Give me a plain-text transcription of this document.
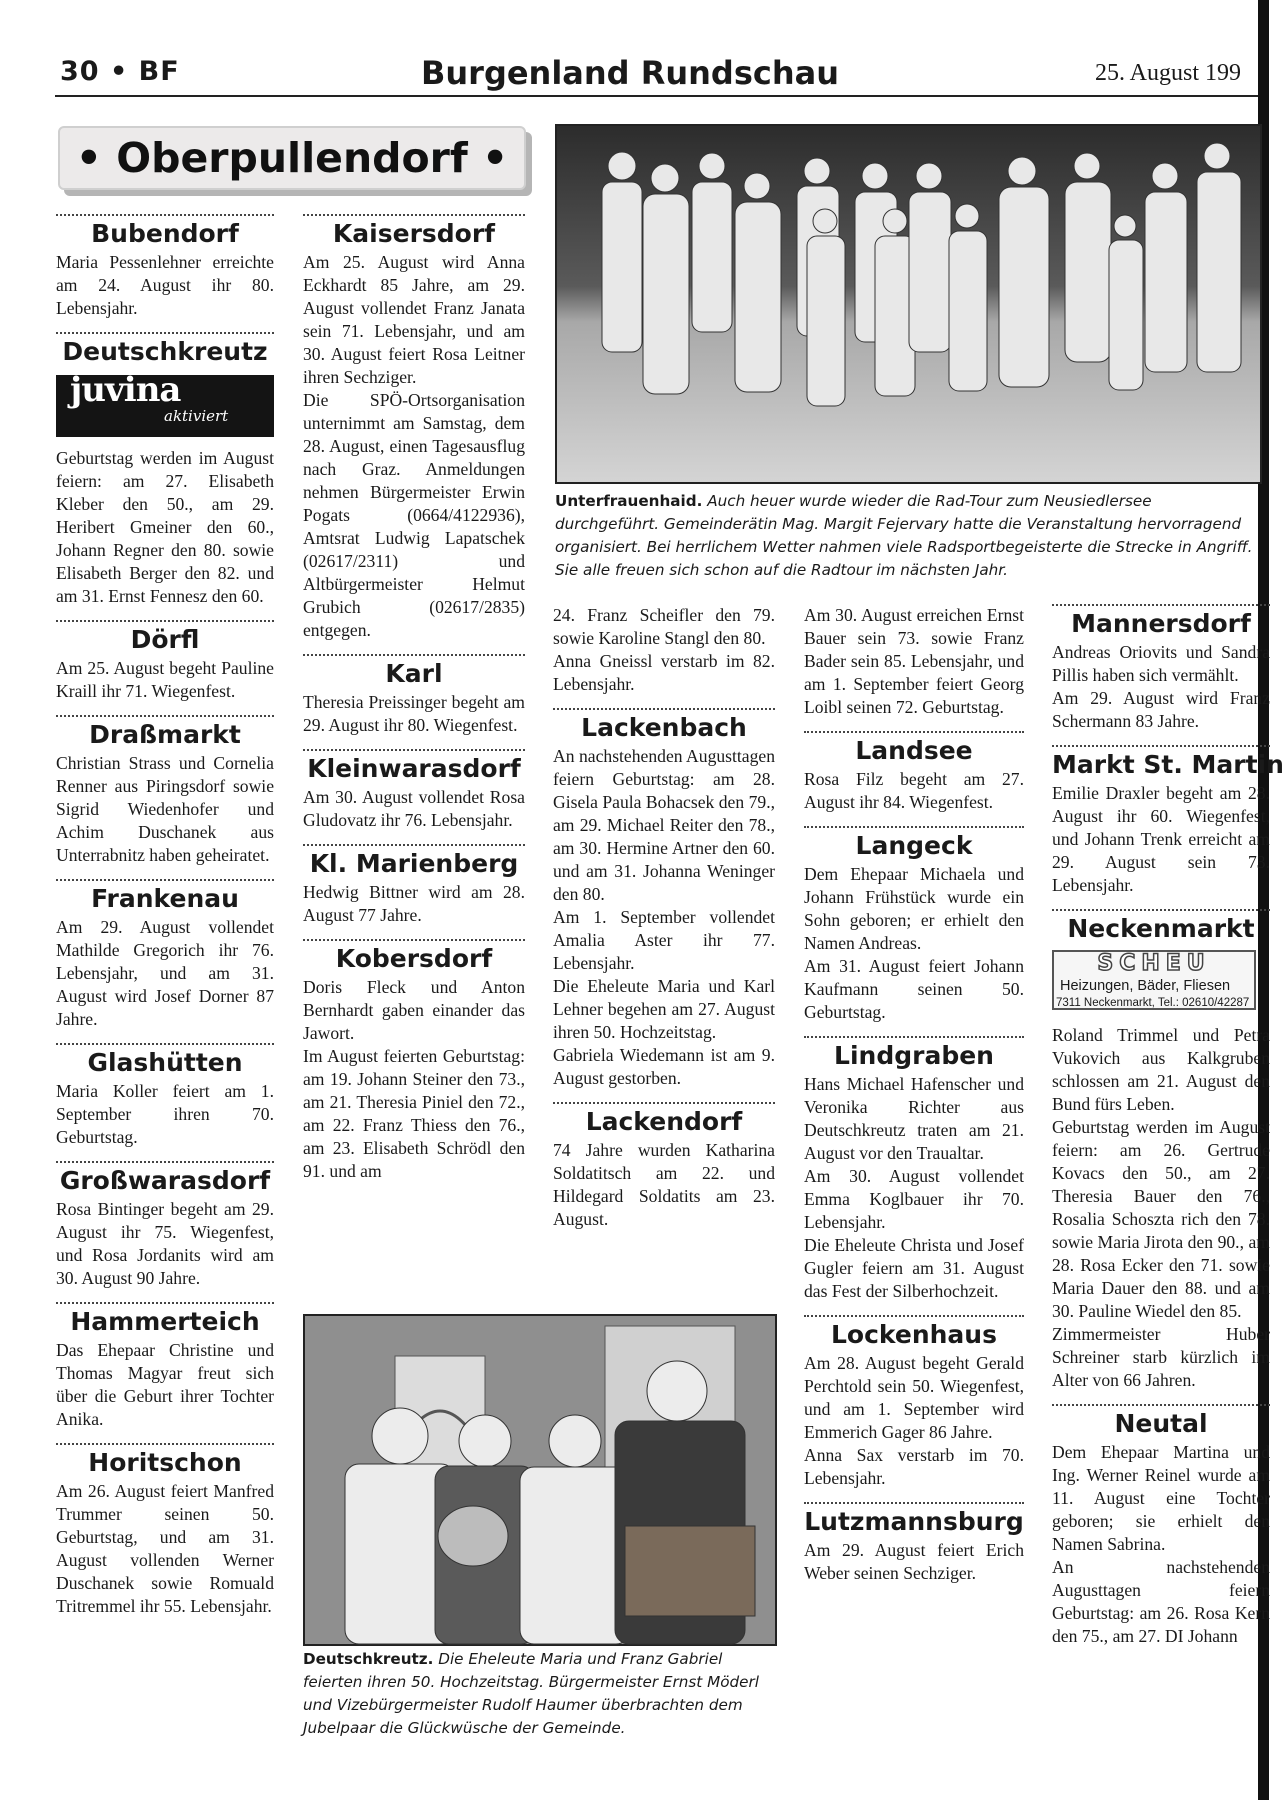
30 • BF	Burgenland Rundschau	25. August 199
• Oberpullendorf •
Bubendorf

Maria Pessenlehner erreichte am 24. August ihr 80. Lebensjahr.

Deutschkreutz
juvina
aktiviert

Geburtstag werden im August feiern: am 27. Elisabeth Kleber den 50., am 29. Heribert Gmeiner den 60., Johann Regner den 80. sowie Elisabeth Berger den 82. und am 31. Ernst Fennesz den 60.

Dörfl

Am 25. August begeht Pauline Kraill ihr 71. Wiegenfest.

Draßmarkt

Christian Strass und Cornelia Renner aus Piringsdorf sowie Sigrid Wiedenhofer und Achim Duschanek aus Unterrabnitz haben geheiratet.

Frankenau

Am 29. August vollendet Mathilde Gregorich ihr 76. Lebensjahr, und am 31. August wird Josef Dorner 87 Jahre.

Glashütten

Maria Koller feiert am 1. September ihren 70. Geburtstag.

Großwarasdorf

Rosa Bintinger begeht am 29. August ihr 75. Wiegenfest, und Rosa Jordanits wird am 30. August 90 Jahre.

Hammerteich

Das Ehepaar Christine und Thomas Magyar freut sich über die Geburt ihrer Tochter Anika.

Horitschon

Am 26. August feiert Manfred Trummer seinen 50. Geburtstag, und am 31. August vollenden Werner Duschanek sowie Romuald Tritremmel ihr 55. Lebensjahr.

Kaisersdorf

Am 25. August wird Anna Eckhardt 85 Jahre, am 29. August vollendet Franz Janata sein 71. Lebensjahr, und am 30. August feiert Rosa Leitner ihren Sechziger.

Die SPÖ-Ortsorganisation unternimmt am Samstag, dem 28. August, einen Tagesausflug nach Graz. Anmeldungen nehmen Bürgermeister Erwin Pogats (0664/4122936), Amtsrat Ludwig Lapatschek (02617/2311) und Altbürgermeister Helmut Grubich (02617/2835) entgegen.

Karl

Theresia Preissinger begeht am 29. August ihr 80. Wiegenfest.

Kleinwarasdorf

Am 30. August vollendet Rosa Gludovatz ihr 76. Lebensjahr.

Kl. Marienberg

Hedwig Bittner wird am 28. August 77 Jahre.

Kobersdorf

Doris Fleck und Anton Bernhardt gaben einander das Jawort.

Im August feierten Geburtstag: am 19. Johann Steiner den 73., am 21. Theresia Piniel den 72., am 22. Franz Thiess den 76., am 23. Elisabeth Schrödl den 91. und am

Unterfrauenhaid. Auch heuer wurde wieder die Rad-Tour zum Neusiedlersee durchgeführt. Gemeinderätin Mag. Margit Fejervary hatte die Veranstaltung hervorragend organisiert. Bei herrlichem Wetter nahmen viele Radsportbegeisterte die Strecke in Angriff. Sie alle freuen sich schon auf die Radtour im nächsten Jahr.

24. Franz Scheifler den 79. sowie Karoline Stangl den 80.

Anna Gneissl verstarb im 82. Lebensjahr.

Lackenbach

An nachstehenden Augusttagen feiern Geburtstag: am 28. Gisela Paula Bohacsek den 79., am 29. Michael Reiter den 78., am 30. Hermine Artner den 60. und am 31. Johanna Weninger den 80.

Am 1. September vollendet Amalia Aster ihr 77. Lebensjahr.

Die Eheleute Maria und Karl Lehner begehen am 27. August ihren 50. Hochzeitstag.

Gabriela Wiedemann ist am 9. August gestorben.

Lackendorf

74 Jahre wurden Katharina Soldatitsch am 22. und Hildegard Soldatits am 23. August.

Am 30. August erreichen Ernst Bauer sein 73. sowie Franz Bader sein 85. Lebensjahr, und am 1. September feiert Georg Loibl seinen 72. Geburtstag.

Landsee

Rosa Filz begeht am 27. August ihr 84. Wiegenfest.

Langeck

Dem Ehepaar Michaela und Johann Frühstück wurde ein Sohn geboren; er erhielt den Namen Andreas.

Am 31. August feiert Johann Kaufmann seinen 50. Geburtstag.

Lindgraben

Hans Michael Hafenscher und Veronika Richter aus Deutschkreutz traten am 21. August vor den Traualtar.

Am 30. August vollendet Emma Koglbauer ihr 70. Lebensjahr.

Die Eheleute Christa und Josef Gugler feiern am 31. August das Fest der Silberhochzeit.

Lockenhaus

Am 28. August begeht Gerald Perchtold sein 50. Wiegenfest, und am 1. September wird Emmerich Gager 86 Jahre.

Anna Sax verstarb im 70. Lebensjahr.

Lutzmannsburg

Am 29. August feiert Erich Weber seinen Sechziger.

Mannersdorf

Andreas Oriovits und Sandra Pillis haben sich vermählt.

Am 29. August wird Franz Schermann 83 Jahre.

Markt St. Martin

Emilie Draxler begeht am 28. August ihr 60. Wiegenfest, und Johann Trenk erreicht am 29. August sein 73. Lebensjahr.

Neckenmarkt
SCHEU
Heizungen, Bäder, Fliesen
7311 Neckenmarkt, Tel.: 02610/42287

Roland Trimmel und Petra Vukovich aus Kalkgruben schlossen am 21. August den Bund fürs Leben.

Geburtstag werden im August feiern: am 26. Gertrude Kovacs den 50., am 27. Theresia Bauer den 76., Rosalia Schoszta rich den 78. sowie Maria Jirota den 90., am 28. Rosa Ecker den 71. sowie Maria Dauer den 88. und am 30. Pauline Wiedel den 85.

Zimmermeister Huber Schreiner starb kürzlich im Alter von 66 Jahren.

Neutal

Dem Ehepaar Martina und Ing. Werner Reinel wurde am 11. August eine Tochter geboren; sie erhielt den Namen Sabrina.

An nachstehenden Augusttagen feiern Geburtstag: am 26. Rosa Kern den 75., am 27. DI Johann

Deutschkreutz. Die Eheleute Maria und Franz Gabriel feierten ihren 50. Hochzeitstag. Bürgermeister Ernst Möderl und Vizebürgermeister Rudolf Haumer überbrachten dem Jubelpaar die Glückwüsche der Gemeinde.
